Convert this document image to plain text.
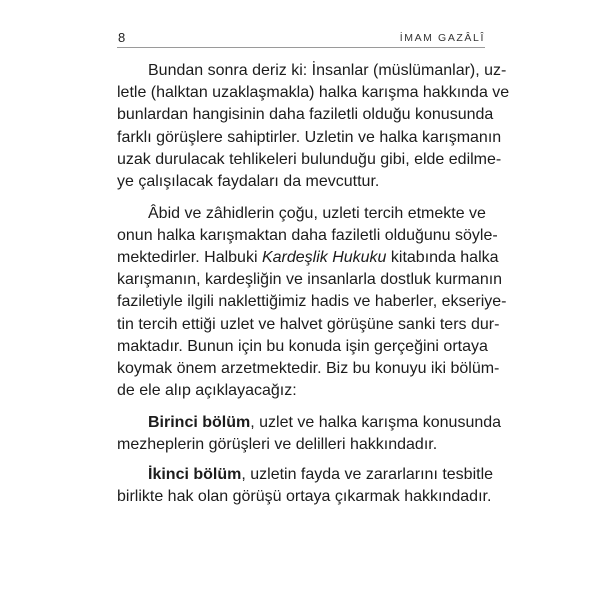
8	İMAM GAZÂLÎ
Bundan sonra deriz ki: İnsanlar (müslümanlar), uz-
letle (halktan uzaklaşmakla) halka karışma hakkında ve
bunlardan hangisinin daha faziletli olduğu konusunda
farklı görüşlere sahiptirler. Uzletin ve halka karışmanın
uzak durulacak tehlikeleri bulunduğu gibi, elde edilme-
ye çalışılacak faydaları da mevcuttur.
Âbid ve zâhidlerin çoğu, uzleti tercih etmekte ve
onun halka karışmaktan daha faziletli olduğunu söyle-
mektedirler. Halbuki Kardeşlik Hukuku kitabında halka
karışmanın, kardeşliğin ve insanlarla dostluk kurmanın
faziletiyle ilgili naklettiğimiz hadis ve haberler, ekseriye-
tin tercih ettiği uzlet ve halvet görüşüne sanki ters dur-
maktadır. Bunun için bu konuda işin gerçeğini ortaya
koymak önem arzetmektedir. Biz bu konuyu iki bölüm-
de ele alıp açıklayacağız:
Birinci bölüm, uzlet ve halka karışma konusunda
mezheplerin görüşleri ve delilleri hakkındadır.
İkinci bölüm, uzletin fayda ve zararlarını tesbitle
birlikte hak olan görüşü ortaya çıkarmak hakkındadır.
